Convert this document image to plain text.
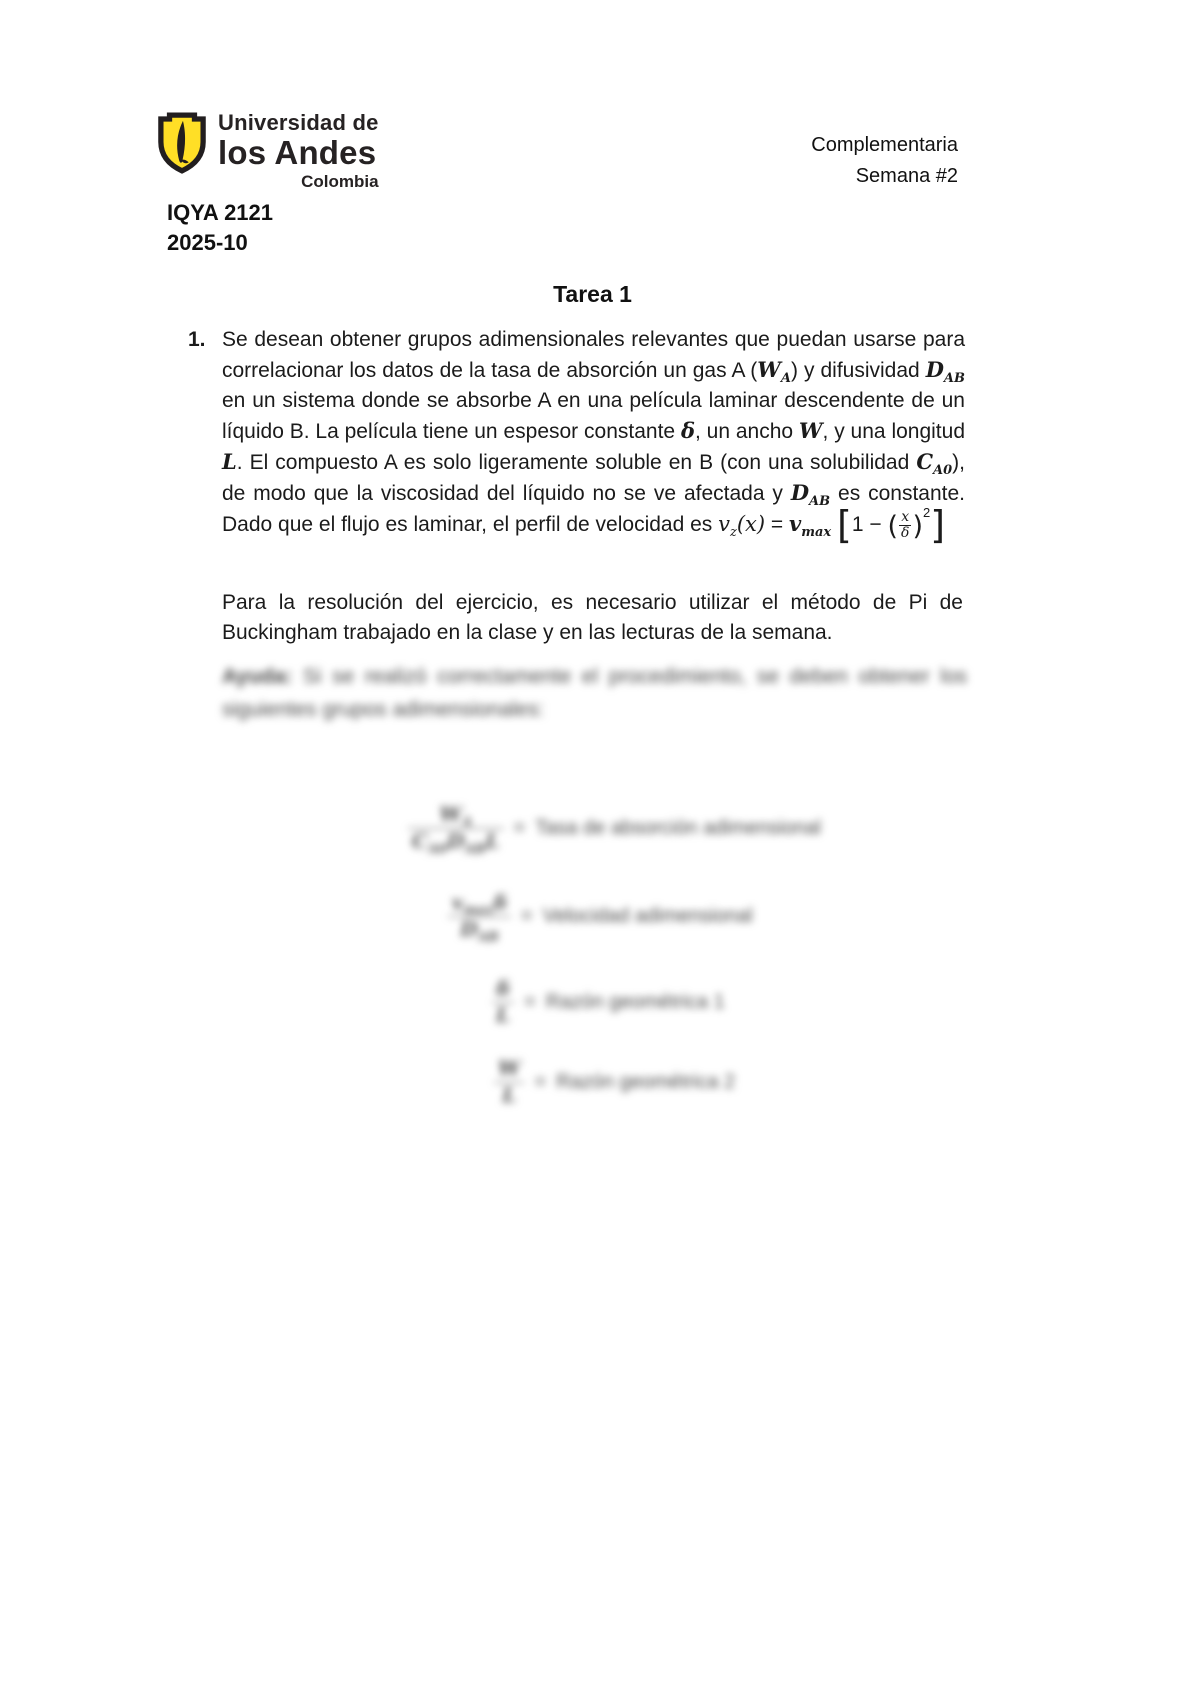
Universidad de
los Andes
Colombia
IQYA 2121
2025-10
Complementaria
Semana #2
Tarea 1
1. Se desean obtener grupos adimensionales relevantes que puedan usarse para correlacionar los datos de la tasa de absorción un gas A $(W_A)$ y difusividad $D_{AB}$ en un sistema donde se absorbe A en una película laminar descendente de un líquido B. La película tiene un espesor constante δ, un ancho W, y una longitud L. El compuesto A es solo ligeramente soluble en B (con una solubilidad $C_{A0}$), de modo que la viscosidad del líquido no se ve afectada y $D_{AB}$ es constante. Dado que el flujo es laminar, el perfil de velocidad es $v_z(x) = v_{max}$ [1 − ( $\frac{x}{\delta} )^2$]
Para la resolución del ejercicio, es necesario utilizar el método de Pi de Buckingham trabajado en la clase y en las lecturas de la semana.
Ayuda: Si se realizó correctamente el procedimiento, se deben obtener los siguientes grupos adimensionales:
$\frac{W_A}{C_{A0}D_{AB}L}$ = Tasa de absorción adimensional
$\frac{v_{max}\delta}{D_{AB}}$ = Velocidad adimensional
$\frac{\delta}{L}$ = Razón geométrica 1
$\frac{W}{L}$ = Razón geométrica 2
